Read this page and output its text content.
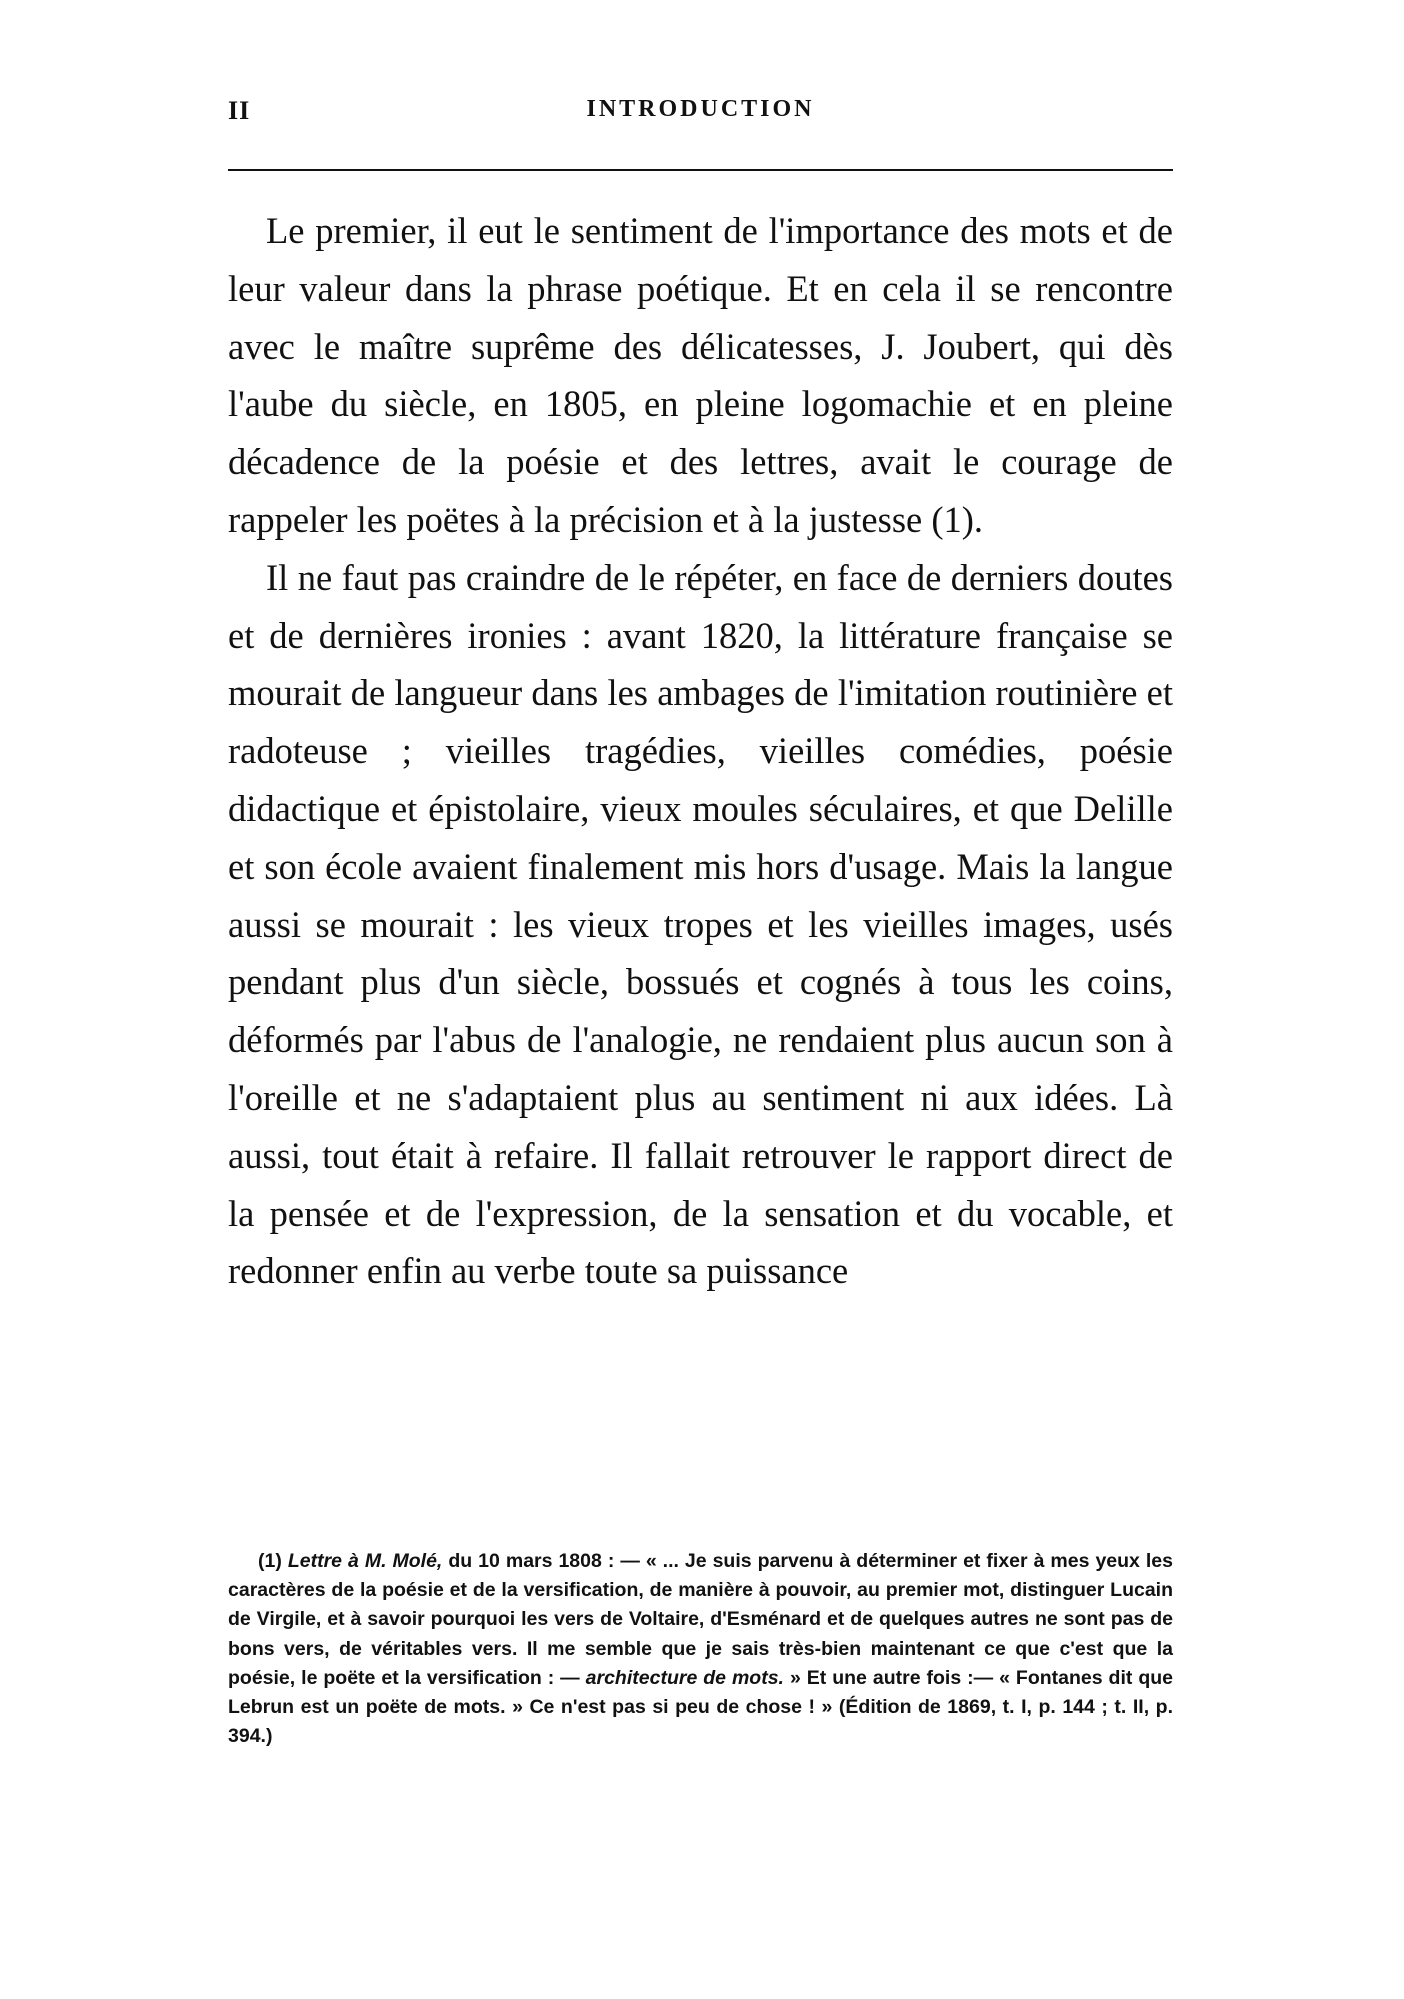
II	INTRODUCTION

Le premier, il eut le sentiment de l'importance des mots et de leur valeur dans la phrase poétique. Et en cela il se rencontre avec le maître suprême des délicatesses, J. Joubert, qui dès l'aube du siècle, en 1805, en pleine logomachie et en pleine décadence de la poésie et des lettres, avait le courage de rappeler les poëtes à la précision et à la justesse (1).

Il ne faut pas craindre de le répéter, en face de derniers doutes et de dernières ironies : avant 1820, la littérature française se mourait de langueur dans les ambages de l'imitation routinière et radoteuse ; vieilles tragédies, vieilles comédies, poésie didactique et épistolaire, vieux moules séculaires, et que Delille et son école avaient finalement mis hors d'usage. Mais la langue aussi se mourait : les vieux tropes et les vieilles images, usés pendant plus d'un siècle, bossués et cognés à tous les coins, déformés par l'abus de l'analogie, ne rendaient plus aucun son à l'oreille et ne s'adaptaient plus au sentiment ni aux idées. Là aussi, tout était à refaire. Il fallait retrouver le rapport direct de la pensée et de l'expression, de la sensation et du vocable, et redonner enfin au verbe toute sa puissance

(1) Lettre à M. Molé, du 10 mars 1808 : — « ... Je suis parvenu à déterminer et fixer à mes yeux les caractères de la poésie et de la versification, de manière à pouvoir, au premier mot, distinguer Lucain de Virgile, et à savoir pourquoi les vers de Voltaire, d'Esménard et de quelques autres ne sont pas de bons vers, de véritables vers. Il me semble que je sais très-bien maintenant ce que c'est que la poésie, le poëte et la versification : — architecture de mots. » Et une autre fois :— « Fontanes dit que Lebrun est un poëte de mots. » Ce n'est pas si peu de chose ! » (Édition de 1869, t. I, p. 144 ; t. II, p. 394.)
